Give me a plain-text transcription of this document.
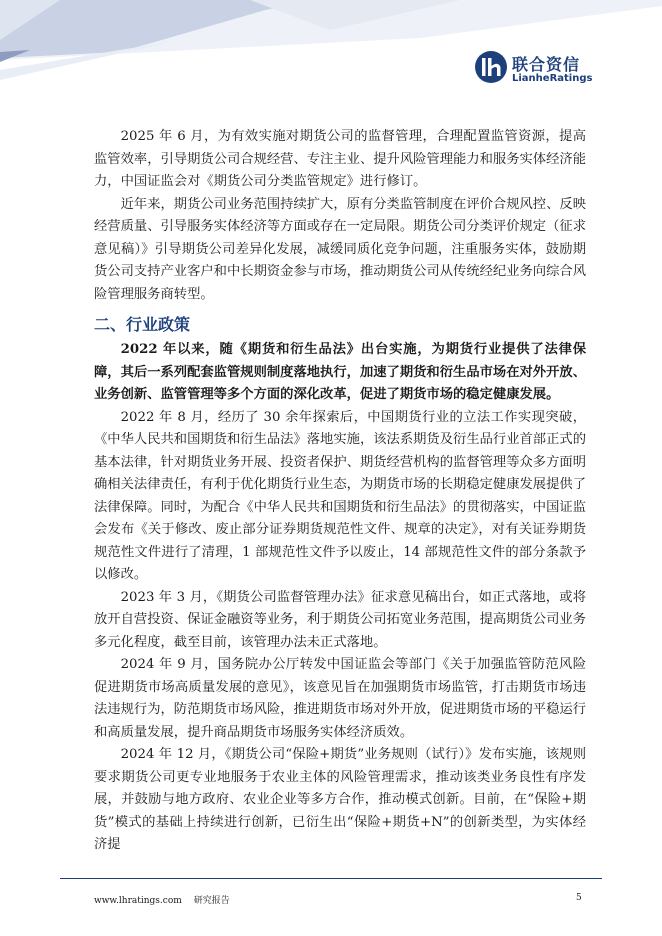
联合资信
LianheRatings

2025 年 6 月，为有效实施对期货公司的监督管理，合理配置监管资源，提高监管效率，引导期货公司合规经营、专注主业、提升风险管理能力和服务实体经济能力，中国证监会对《期货公司分类监管规定》进行修订。

近年来，期货公司业务范围持续扩大，原有分类监管制度在评价合规风控、反映经营质量、引导服务实体经济等方面或存在一定局限。期货公司分类评价规定（征求意见稿）》引导期货公司差异化发展，减缓同质化竞争问题，注重服务实体，鼓励期货公司支持产业客户和中长期资金参与市场，推动期货公司从传统经纪业务向综合风险管理服务商转型。

二、行业政策

2022 年以来，随《期货和衍生品法》出台实施，为期货行业提供了法律保障，其后一系列配套监管规则制度落地执行，加速了期货和衍生品市场在对外开放、业务创新、监管管理等多个方面的深化改革，促进了期货市场的稳定健康发展。

2022 年 8 月，经历了 30 余年探索后，中国期货行业的立法工作实现突破，《中华人民共和国期货和衍生品法》落地实施，该法系期货及衍生品行业首部正式的基本法律，针对期货业务开展、投资者保护、期货经营机构的监督管理等众多方面明确相关法律责任，有利于优化期货行业生态，为期货市场的长期稳定健康发展提供了法律保障。同时，为配合《中华人民共和国期货和衍生品法》的贯彻落实，中国证监会发布《关于修改、废止部分证券期货规范性文件、规章的决定》，对有关证券期货规范性文件进行了清理，1 部规范性文件予以废止，14 部规范性文件的部分条款予以修改。

2023 年 3 月，《期货公司监督管理办法》征求意见稿出台，如正式落地，或将放开自营投资、保证金融资等业务，利于期货公司拓宽业务范围，提高期货公司业务多元化程度，截至目前，该管理办法未正式落地。

2024 年 9 月，国务院办公厅转发中国证监会等部门《关于加强监管防范风险促进期货市场高质量发展的意见》，该意见旨在加强期货市场监管，打击期货市场违法违规行为，防范期货市场风险，推进期货市场对外开放，促进期货市场的平稳运行和高质量发展，提升商品期货市场服务实体经济质效。

2024 年 12 月，《期货公司“保险+期货”业务规则（试行）》发布实施，该规则要求期货公司更专业地服务于农业主体的风险管理需求，推动该类业务良性有序发展，并鼓励与地方政府、农业企业等多方合作，推动模式创新。目前，在“保险+期货”模式的基础上持续进行创新，已衍生出“保险+期货+N”的创新类型，为实体经济提

www.lhratings.com 研究报告	5
